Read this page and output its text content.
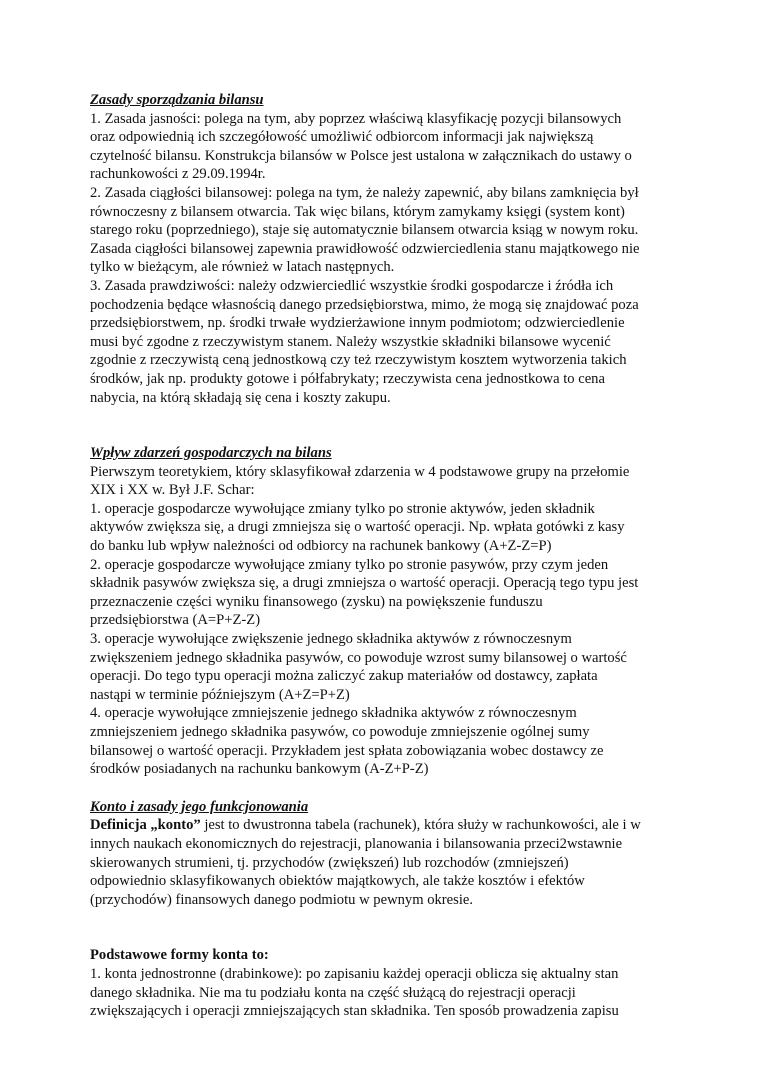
Zasady sporządzania bilansu
1. Zasada jasności: polega na tym, aby poprzez właściwą klasyfikację pozycji bilansowych
oraz odpowiednią ich szczegółowość umożliwić odbiorcom informacji jak największą
czytelność bilansu. Konstrukcja bilansów w Polsce jest ustalona w załącznikach do ustawy o
rachunkowości z 29.09.1994r.
2. Zasada ciągłości bilansowej: polega na tym, że należy zapewnić, aby bilans zamknięcia był
równoczesny z bilansem otwarcia. Tak więc bilans, którym zamykamy księgi (system kont)
starego roku (poprzedniego), staje się automatycznie bilansem otwarcia ksiąg w nowym roku.
Zasada ciągłości bilansowej zapewnia prawidłowość odzwierciedlenia stanu majątkowego nie
tylko w bieżącym, ale również w latach następnych.
3. Zasada prawdziwości: należy odzwierciedlić wszystkie środki gospodarcze i źródła ich
pochodzenia będące własnością danego przedsiębiorstwa, mimo, że mogą się znajdować poza
przedsiębiorstwem, np. środki trwałe wydzierżawione innym podmiotom; odzwierciedlenie
musi być zgodne z rzeczywistym stanem. Należy wszystkie składniki bilansowe wycenić
zgodnie z rzeczywistą ceną jednostkową czy też rzeczywistym kosztem wytworzenia takich
środków, jak np. produkty gotowe i półfabrykaty; rzeczywista cena jednostkowa to cena
nabycia, na którą składają się cena i koszty zakupu.
Wpływ zdarzeń gospodarczych na bilans
Pierwszym teoretykiem, który sklasyfikował zdarzenia w 4 podstawowe grupy na przełomie
XIX i XX w. Był J.F. Schar:
1. operacje gospodarcze wywołujące zmiany tylko po stronie aktywów, jeden składnik
aktywów zwiększa się, a drugi zmniejsza się o wartość operacji. Np. wpłata gotówki z kasy
do banku lub wpływ należności od odbiorcy na rachunek bankowy (A+Z-Z=P)
2. operacje gospodarcze wywołujące zmiany tylko po stronie pasywów, przy czym jeden
składnik pasywów zwiększa się, a drugi zmniejsza o wartość operacji. Operacją tego typu jest
przeznaczenie części wyniku finansowego (zysku) na powiększenie funduszu
przedsiębiorstwa (A=P+Z-Z)
3. operacje wywołujące zwiększenie jednego składnika aktywów z równoczesnym
zwiększeniem jednego składnika pasywów, co powoduje wzrost sumy bilansowej o wartość
operacji. Do tego typu operacji można zaliczyć zakup materiałów od dostawcy, zapłata
nastąpi w terminie późniejszym (A+Z=P+Z)
4. operacje wywołujące zmniejszenie jednego składnika aktywów z równoczesnym
zmniejszeniem jednego składnika pasywów, co powoduje zmniejszenie ogólnej sumy
bilansowej o wartość operacji. Przykładem jest spłata zobowiązania wobec dostawcy ze
środków posiadanych na rachunku bankowym (A-Z+P-Z)
Konto i zasady jego funkcjonowania
Definicja „konto” jest to dwustronna tabela (rachunek), która służy w rachunkowości, ale i w
innych naukach ekonomicznych do rejestracji, planowania i bilansowania przeci2wstawnie
skierowanych strumieni, tj. przychodów (zwiększeń) lub rozchodów (zmniejszeń)
odpowiednio sklasyfikowanych obiektów majątkowych, ale także kosztów i efektów
(przychodów) finansowych danego podmiotu w pewnym okresie.
Podstawowe formy konta to:
1. konta jednostronne (drabinkowe): po zapisaniu każdej operacji oblicza się aktualny stan
danego składnika. Nie ma tu podziału konta na część służącą do rejestracji operacji
zwiększających i operacji zmniejszających stan składnika. Ten sposób prowadzenia zapisu
